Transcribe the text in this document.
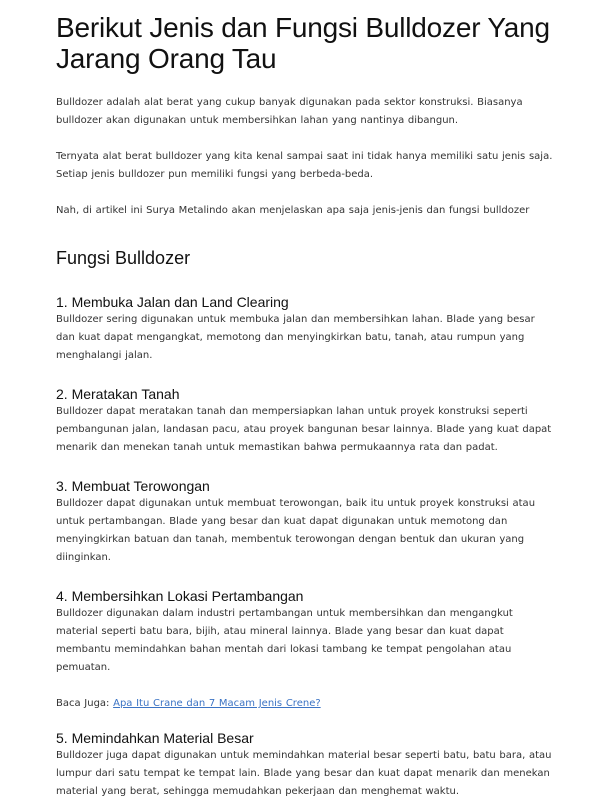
Berikut Jenis dan Fungsi Bulldozer Yang Jarang Orang Tau

Bulldozer adalah alat berat yang cukup banyak digunakan pada sektor konstruksi. Biasanya bulldozer akan digunakan untuk membersihkan lahan yang nantinya dibangun.

Ternyata alat berat bulldozer yang kita kenal sampai saat ini tidak hanya memiliki satu jenis saja. Setiap jenis bulldozer pun memiliki fungsi yang berbeda-beda.

Nah, di artikel ini Surya Metalindo akan menjelaskan apa saja jenis-jenis dan fungsi bulldozer

Fungsi Bulldozer
1. Membuka Jalan dan Land Clearing

Bulldozer sering digunakan untuk membuka jalan dan membersihkan lahan. Blade yang besar dan kuat dapat mengangkat, memotong dan menyingkirkan batu, tanah, atau rumpun yang menghalangi jalan.

2. Meratakan Tanah

Bulldozer dapat meratakan tanah dan mempersiapkan lahan untuk proyek konstruksi seperti pembangunan jalan, landasan pacu, atau proyek bangunan besar lainnya. Blade yang kuat dapat menarik dan menekan tanah untuk memastikan bahwa permukaannya rata dan padat.

3. Membuat Terowongan

Bulldozer dapat digunakan untuk membuat terowongan, baik itu untuk proyek konstruksi atau untuk pertambangan. Blade yang besar dan kuat dapat digunakan untuk memotong dan menyingkirkan batuan dan tanah, membentuk terowongan dengan bentuk dan ukuran yang diinginkan.

4. Membersihkan Lokasi Pertambangan

Bulldozer digunakan dalam industri pertambangan untuk membersihkan dan mengangkut material seperti batu bara, bijih, atau mineral lainnya. Blade yang besar dan kuat dapat membantu memindahkan bahan mentah dari lokasi tambang ke tempat pengolahan atau pemuatan.

Baca Juga: Apa Itu Crane dan 7 Macam Jenis Crene?

5. Memindahkan Material Besar

Bulldozer juga dapat digunakan untuk memindahkan material besar seperti batu, batu bara, atau lumpur dari satu tempat ke tempat lain. Blade yang besar dan kuat dapat menarik dan menekan material yang berat, sehingga memudahkan pekerjaan dan menghemat waktu.
